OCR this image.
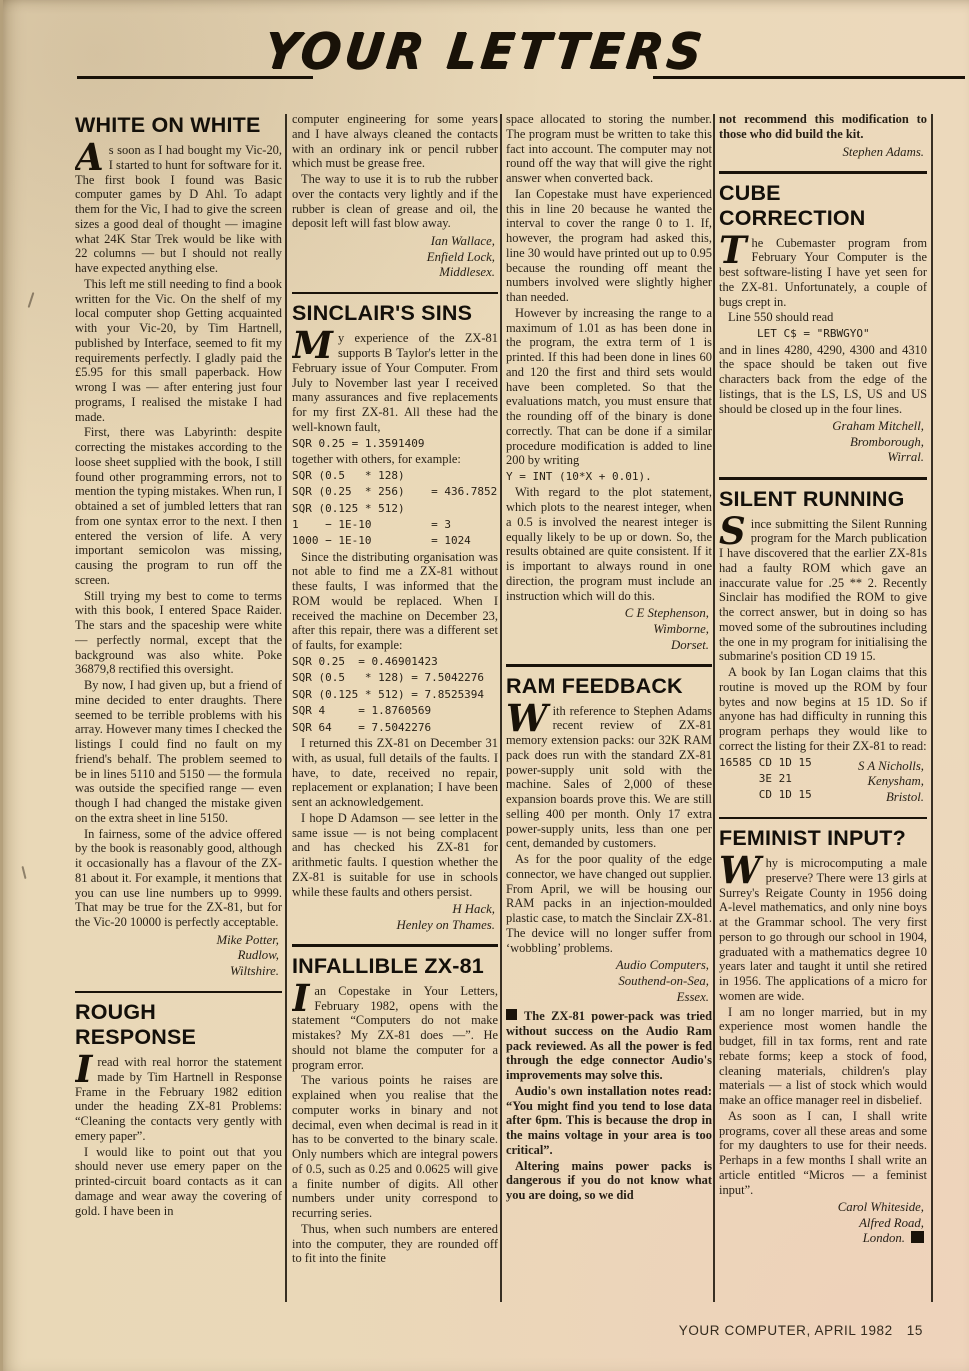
YOUR LETTERS
WHITE ON WHITE

As soon as I had bought my Vic-20, I started to hunt for software for it. The first book I found was Basic computer games by D Ahl. To adapt them for the Vic, I had to give the screen sizes a good deal of thought — imagine what 24K Star Trek would be like with 22 columns — but I should not really have expected anything else.

This left me still needing to find a book written for the Vic. On the shelf of my local computer shop Getting acquainted with your Vic-20, by Tim Hartnell, published by Interface, seemed to fit my requirements perfectly. I gladly paid the £5.95 for this small paperback. How wrong I was — after entering just four programs, I realised the mistake I had made.

First, there was Labyrinth: despite correcting the mistakes according to the loose sheet supplied with the book, I still found other programming errors, not to mention the typing mistakes. When run, I obtained a set of jumbled letters that ran from one syntax error to the next. I then entered the version of life. A very important semicolon was missing, causing the program to run off the screen.

Still trying my best to come to terms with this book, I entered Space Raider. The stars and the spaceship were white — perfectly normal, except that the background was also white. Poke 36879,8 rectified this oversight.

By now, I had given up, but a friend of mine decided to enter draughts. There seemed to be terrible problems with his array. However many times I checked the listings I could find no fault on my friend's behalf. The problem seemed to be in lines 5110 and 5150 — the formula was outside the specified range — even though I had changed the mistake given on the extra sheet in line 5150.

In fairness, some of the advice offered by the book is reasonably good, although it occasionally has a flavour of the ZX-81 about it. For example, it mentions that you can use line numbers up to 9999. That may be true for the ZX-81, but for the Vic-20 10000 is perfectly acceptable.

Mike Potter,
Rudlow,
Wiltshire.
ROUGH RESPONSE

Iread with real horror the statement made by Tim Hartnell in Response Frame in the February 1982 edition under the heading ZX-81 Problems: “Cleaning the contacts very gently with emery paper”.

I would like to point out that you should never use emery paper on the printed-circuit board contacts as it can damage and wear away the covering of gold. I have been in

computer engineering for some years and I have always cleaned the contacts with an ordinary ink or pencil rubber which must be grease free.

The way to use it is to rub the rubber over the contacts very lightly and if the rubber is clean of grease and oil, the deposit left will fast blow away.

Ian Wallace,
Enfield Lock,
Middlesex.
SINCLAIR'S SINS

My experience of the ZX-81 supports B Taylor's letter in the February issue of Your Computer. From July to November last year I received many assurances and five replacements for my first ZX-81. All these had the well-known fault,

SQR 0.25 = 1.3591409

together with others, for example:

SQR (0.5   * 128)
SQR (0.25  * 256)    = 436.7852
SQR (0.125 * 512)
1    − 1E-10         = 3
1000 − 1E-10         = 1024

Since the distributing organisation was not able to find me a ZX-81 without these faults, I was informed that the ROM would be replaced. When I received the machine on December 23, after this repair, there was a different set of faults, for example:

SQR 0.25  = 0.46901423
SQR (0.5   * 128) = 7.5042276
SQR (0.125 * 512) = 7.8525394
SQR 4     = 1.8760569
SQR 64    = 7.5042276

I returned this ZX-81 on December 31 with, as usual, full details of the faults. I have, to date, received no repair, replacement or explanation; I have been sent an acknowledgement.

I hope D Adamson — see letter in the same issue — is not being complacent and has checked his ZX-81 for arithmetic faults. I question whether the ZX-81 is suitable for use in schools while these faults and others persist.

H Hack,
Henley on Thames.
INFALLIBLE ZX-81

Ian Copestake in Your Letters, February 1982, opens with the statement “Computers do not make mistakes? My ZX-81 does —”. He should not blame the computer for a program error.

The various points he raises are explained when you realise that the computer works in binary and not decimal, even when decimal is read in it has to be converted to the binary scale. Only numbers which are integral powers of 0.5, such as 0.25 and 0.0625 will give a finite number of digits. All other numbers under unity correspond to recurring series.

Thus, when such numbers are entered into the computer, they are rounded off to fit into the finite

space allocated to storing the number. The program must be written to take this fact into account. The computer may not round off the way that will give the right answer when converted back.

Ian Copestake must have experienced this in line 20 because he wanted the interval to cover the range 0 to 1. If, however, the program had asked this, line 30 would have printed out up to 0.95 because the rounding off meant the numbers involved were slightly higher than needed.

However by increasing the range to a maximum of 1.01 as has been done in the program, the extra term of 1 is printed. If this had been done in lines 60 and 120 the first and third sets would have been completed. So that the evaluations match, you must ensure that the rounding off of the binary is done correctly. That can be done if a similar procedure modification is added to line 200 by writing

Y = INT (10*X + 0.01).

With regard to the plot statement, which plots to the nearest integer, when a 0.5 is involved the nearest integer is equally likely to be up or down. So, the results obtained are quite consistent. If it is important to always round in one direction, the program must include an instruction which will do this.

C E Stephenson,
Wimborne,
Dorset.
RAM FEEDBACK

With reference to Stephen Adams recent review of ZX-81 memory extension packs: our 32K RAM pack does run with the standard ZX-81 power-supply unit sold with the machine. Sales of 2,000 of these expansion boards prove this. We are still selling 400 per month. Only 17 extra power-supply units, less than one per cent, demanded by customers.

As for the poor quality of the edge connector, we have changed out supplier. From April, we will be housing our RAM packs in an injection-moulded plastic case, to match the Sinclair ZX-81. The device will no longer suffer from ‘wobbling’ problems.

Audio Computers,
Southend-on-Sea,
Essex.

The ZX-81 power-pack was tried without success on the Audio Ram pack reviewed. As all the power is fed through the edge connector Audio's improvements may solve this.

Audio's own installation notes read: “You might find you tend to lose data after 6pm. This is because the drop in the mains voltage in your area is too critical”.

Altering mains power packs is dangerous if you do not know what you are doing, so we did

not recommend this modification to those who did build the kit.

Stephen Adams.
CUBE CORRECTION

The Cubemaster program from February Your Computer is the best software-listing I have yet seen for the ZX-81. Unfortunately, a couple of bugs crept in.

Line 550 should read

LET C$ = "RBWGYO"

and in lines 4280, 4290, 4300 and 4310 the space should be taken out five characters back from the edge of the listings, that is the LS, LS, US and US should be closed up in the four lines.

Graham Mitchell,
Bromborough,
Wirral.
SILENT RUNNING

Since submitting the Silent Running program for the March publication I have discovered that the earlier ZX-81s had a faulty ROM which gave an inaccurate value for .25 ** 2. Recently Sinclair has modified the ROM to give the correct answer, but in doing so has moved some of the subroutines including the one in my program for initialising the submarine's position CD 19 15.

A book by Ian Logan claims that this routine is moved up the ROM by four bytes and now begins at 15 1D. So if anyone has had difficulty in running this program perhaps they would like to correct the listing for their ZX-81 to read:

16585 CD 1D 15
3E 21
CD 1D 15
S A Nicholls,
Kenysham,
Bristol.
FEMINIST INPUT?

Why is microcomputing a male preserve? There were 13 girls at Surrey's Reigate County in 1956 doing A-level mathematics, and only nine boys at the Grammar school. The very first person to go through our school in 1904, graduated with a mathematics degree 10 years later and taught it until she retired in 1956. The applications of a micro for women are wide.

I am no longer married, but in my experience most women handle the budget, fill in tax forms, rent and rate rebate forms; keep a stock of food, cleaning materials, children's play materials — a list of stock which would make an office manager reel in disbelief.

As soon as I can, I shall write programs, cover all these areas and some for my daughters to use for their needs. Perhaps in a few months I shall write an article entitled “Micros — a feminist input”.

Carol Whiteside,
Alfred Road,
London.
YOUR COMPUTER, APRIL 1982 15
